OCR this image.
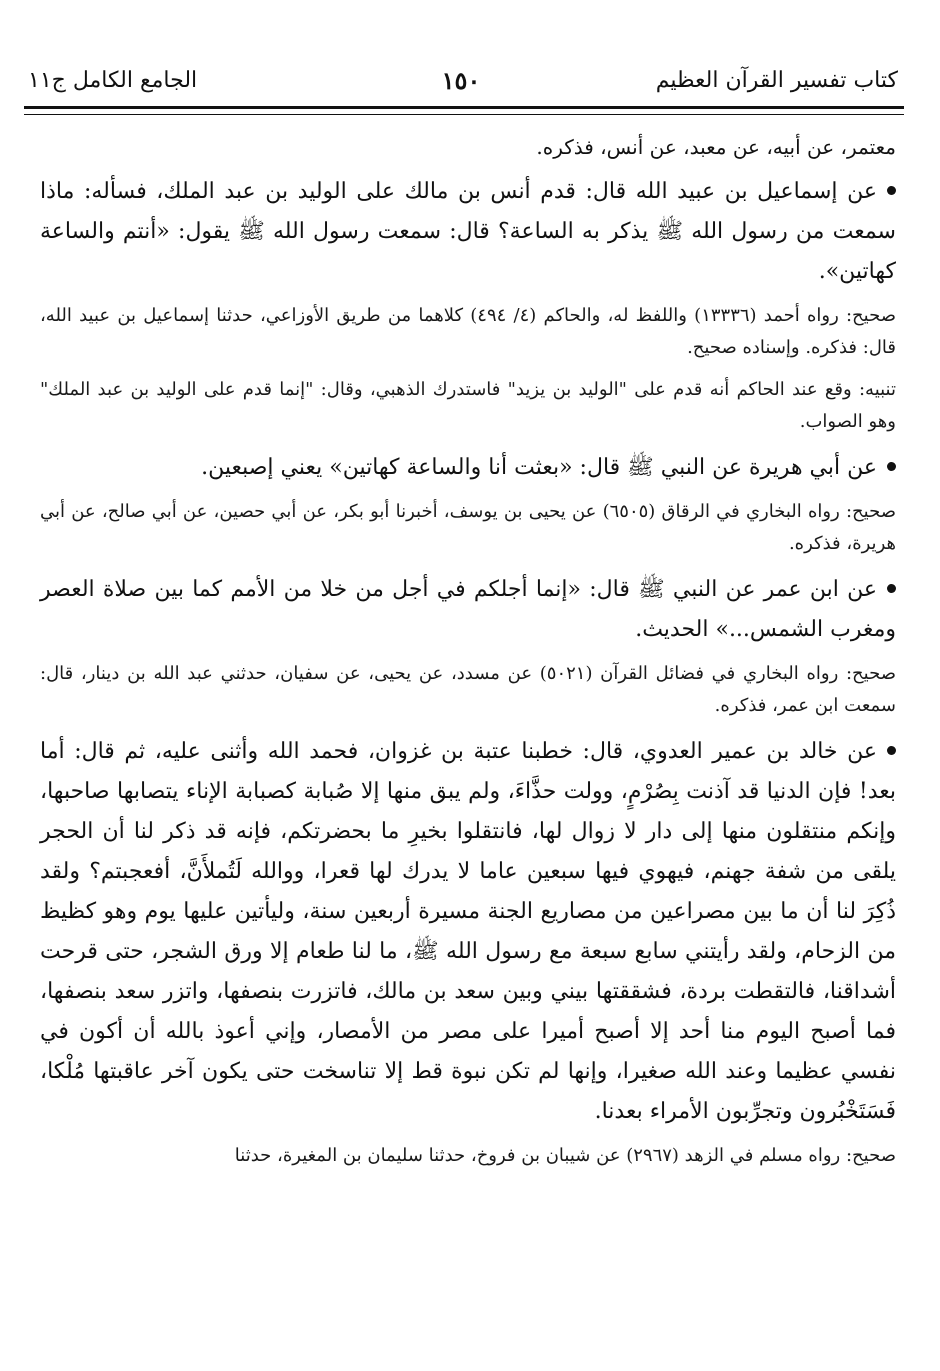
كتاب تفسير القرآن العظيم
١٥٠
الجامع الكامل ج١١

معتمر، عن أبيه، عن معبد، عن أنس، فذكره.

عن إسماعيل بن عبيد الله قال: قدم أنس بن مالك على الوليد بن عبد الملك، فسأله: ماذا سمعت من رسول الله ﷺ يذكر به الساعة؟ قال: سمعت رسول الله ﷺ يقول: «أنتم والساعة كهاتين».

صحيح: رواه أحمد (١٣٣٣٦) واللفظ له، والحاكم (٤/ ٤٩٤) كلاهما من طريق الأوزاعي، حدثنا إسماعيل بن عبيد الله، قال: فذكره. وإسناده صحيح.

تنبيه: وقع عند الحاكم أنه قدم على "الوليد بن يزيد" فاستدرك الذهبي، وقال: "إنما قدم على الوليد بن عبد الملك" وهو الصواب.

عن أبي هريرة عن النبي ﷺ قال: «بعثت أنا والساعة كهاتين» يعني إصبعين.

صحيح: رواه البخاري في الرقاق (٦٥٠٥) عن يحيى بن يوسف، أخبرنا أبو بكر، عن أبي حصين، عن أبي صالح، عن أبي هريرة، فذكره.

عن ابن عمر عن النبي ﷺ قال: «إنما أجلكم في أجل من خلا من الأمم كما بين صلاة العصر ومغرب الشمس...» الحديث.

صحيح: رواه البخاري في فضائل القرآن (٥٠٢١) عن مسدد، عن يحيى، عن سفيان، حدثني عبد الله بن دينار، قال: سمعت ابن عمر، فذكره.

عن خالد بن عمير العدوي، قال: خطبنا عتبة بن غزوان، فحمد الله وأثنى عليه، ثم قال: أما بعد! فإن الدنيا قد آذنت بِصُرْمٍ، وولت حذَّاءَ، ولم يبق منها إلا صُبابة كصبابة الإناء يتصابها صاحبها، وإنكم منتقلون منها إلى دار لا زوال لها، فانتقلوا بخيرِ ما بحضرتكم، فإنه قد ذكر لنا أن الحجر يلقى من شفة جهنم، فيهوي فيها سبعين عاما لا يدرك لها قعرا، ووالله لَتُملأَنَّ، أفعجبتم؟ ولقد ذُكِرَ لنا أن ما بين مصراعين من مصاريع الجنة مسيرة أربعين سنة، وليأتين عليها يوم وهو كظيظ من الزحام، ولقد رأيتني سابع سبعة مع رسول الله ﷺ، ما لنا طعام إلا ورق الشجر، حتى قرحت أشداقنا، فالتقطت بردة، فشققتها بيني وبين سعد بن مالك، فاتزرت بنصفها، واتزر سعد بنصفها، فما أصبح اليوم منا أحد إلا أصبح أميرا على مصر من الأمصار، وإني أعوذ بالله أن أكون في نفسي عظيما وعند الله صغيرا، وإنها لم تكن نبوة قط إلا تناسخت حتى يكون آخر عاقبتها مُلْكا، فَسَتَخْبُرون وتجرِّبون الأمراء بعدنا.

صحيح: رواه مسلم في الزهد (٢٩٦٧) عن شيبان بن فروخ، حدثنا سليمان بن المغيرة، حدثنا
